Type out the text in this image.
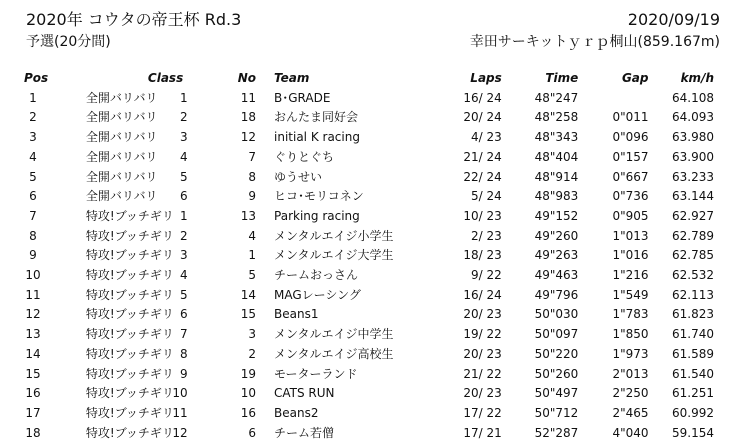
2020年 コウタの帝王杯 Rd.3	2020/09/19
予選(20分間)	幸田サーキットｙｒｐ桐山(859.167m)
Pos	Class		No	Team	Laps	Time	Gap	km/h
1	全開バリバリ	1	11	B･GRADE	16/ 24	48"247		64.108
2	全開バリバリ	2	18	おんたま同好会	20/ 24	48"258	0"011	64.093
3	全開バリバリ	3	12	initial K racing	4/ 23	48"343	0"096	63.980
4	全開バリバリ	4	7	ぐりとぐち	21/ 24	48"404	0"157	63.900
5	全開バリバリ	5	8	ゆうせい	22/ 24	48"914	0"667	63.233
6	全開バリバリ	6	9	ヒコ･モリコネン	5/ 24	48"983	0"736	63.144
7	特攻!ブッチギリ	1	13	Parking racing	10/ 23	49"152	0"905	62.927
8	特攻!ブッチギリ	2	4	メンタルエイジ小学生	2/ 23	49"260	1"013	62.789
9	特攻!ブッチギリ	3	1	メンタルエイジ大学生	18/ 23	49"263	1"016	62.785
10	特攻!ブッチギリ	4	5	チームおっさん	9/ 22	49"463	1"216	62.532
11	特攻!ブッチギリ	5	14	MAGレーシング	16/ 24	49"796	1"549	62.113
12	特攻!ブッチギリ	6	15	Beans1	20/ 23	50"030	1"783	61.823
13	特攻!ブッチギリ	7	3	メンタルエイジ中学生	19/ 22	50"097	1"850	61.740
14	特攻!ブッチギリ	8	2	メンタルエイジ高校生	20/ 23	50"220	1"973	61.589
15	特攻!ブッチギリ	9	19	モーターランド	21/ 22	50"260	2"013	61.540
16	特攻!ブッチギリ	10	10	CATS RUN	20/ 23	50"497	2"250	61.251
17	特攻!ブッチギリ	11	16	Beans2	17/ 22	50"712	2"465	60.992
18	特攻!ブッチギリ	12	6	チーム若僧	17/ 21	52"287	4"040	59.154
